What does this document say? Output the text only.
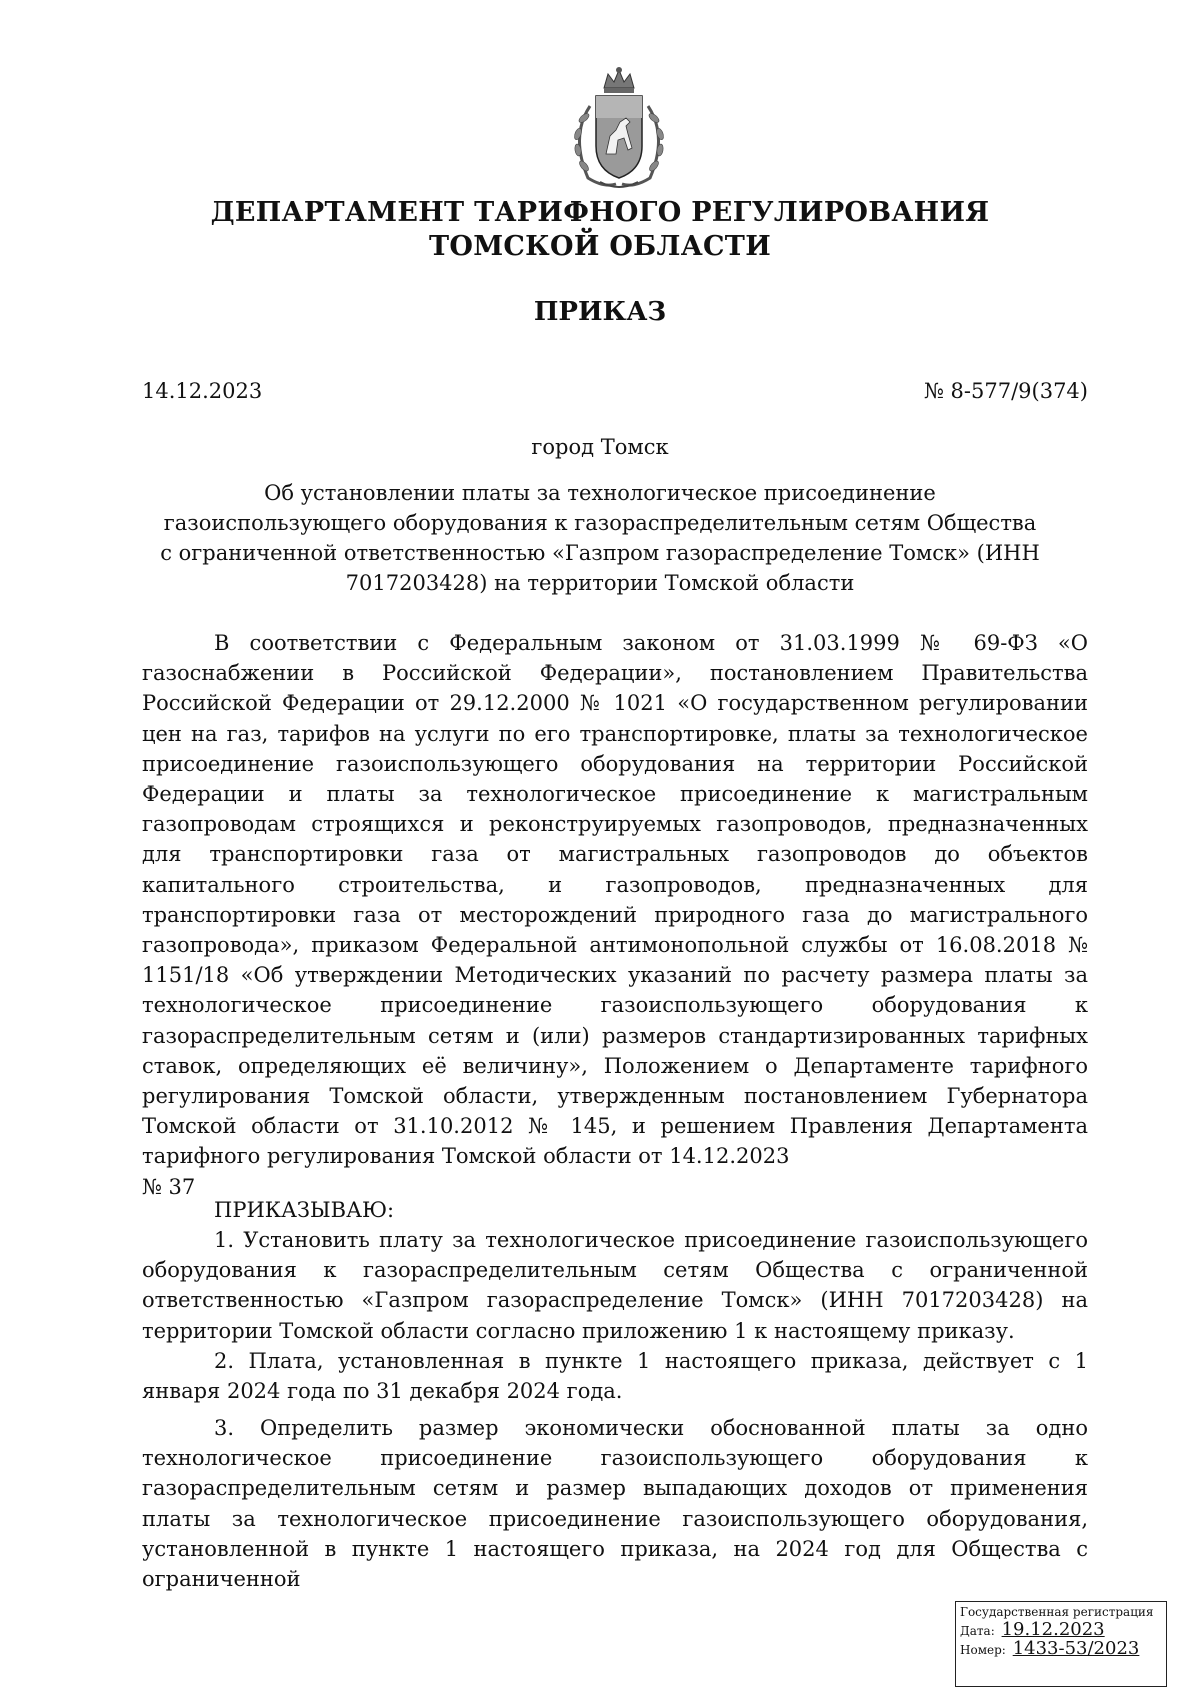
ДЕПАРТАМЕНТ ТАРИФНОГО РЕГУЛИРОВАНИЯ
ТОМСКОЙ ОБЛАСТИ
ПРИКАЗ
14.12.2023	№ 8-577/9(374)
город Томск
Об установлении платы за технологическое присоединение газоиспользующего оборудования к газораспределительным сетям Общества с ограниченной ответственностью «Газпром газораспределение Томск» (ИНН 7017203428) на территории Томской области
В соответствии с Федеральным законом от 31.03.1999 № 69-ФЗ «О газоснабжении в Российской Федерации», постановлением Правительства Российской Федерации от 29.12.2000 № 1021 «О государственном регулировании цен на газ, тарифов на услуги по его транспортировке, платы за технологическое присоединение газоиспользующего оборудования на территории Российской Федерации и платы за технологическое присоединение к магистральным газопроводам строящихся и реконструируемых газопроводов, предназначенных для транспортировки газа от магистральных газопроводов до объектов капитального строительства, и газопроводов, предназначенных для транспортировки газа от месторождений природного газа до магистрального газопровода», приказом Федеральной антимонопольной службы от 16.08.2018 № 1151/18 «Об утверждении Методических указаний по расчету размера платы за технологическое присоединение газоиспользующего оборудования к газораспределительным сетям и (или) размеров стандартизированных тарифных ставок, определяющих её величину», Положением о Департаменте тарифного регулирования Томской области, утвержденным постановлением Губернатора Томской области от 31.10.2012 № 145, и решением Правления Департамента тарифного регулирования Томской области от 14.12.2023
№ 37
ПРИКАЗЫВАЮ:
1. Установить плату за технологическое присоединение газоиспользующего оборудования к газораспределительным сетям Общества с ограниченной ответственностью «Газпром газораспределение Томск» (ИНН 7017203428) на территории Томской области согласно приложению 1 к настоящему приказу.
2. Плата, установленная в пункте 1 настоящего приказа, действует с 1 января 2024 года по 31 декабря 2024 года.
3. Определить размер экономически обоснованной платы за одно технологическое присоединение газоиспользующего оборудования к газораспределительным сетям и размер выпадающих доходов от применения платы за технологическое присоединение газоиспользующего оборудования, установленной в пункте 1 настоящего приказа, на 2024 год для Общества с ограниченной
Государственная регистрация
Дата: 19.12.2023
Номер: 1433-53/2023
